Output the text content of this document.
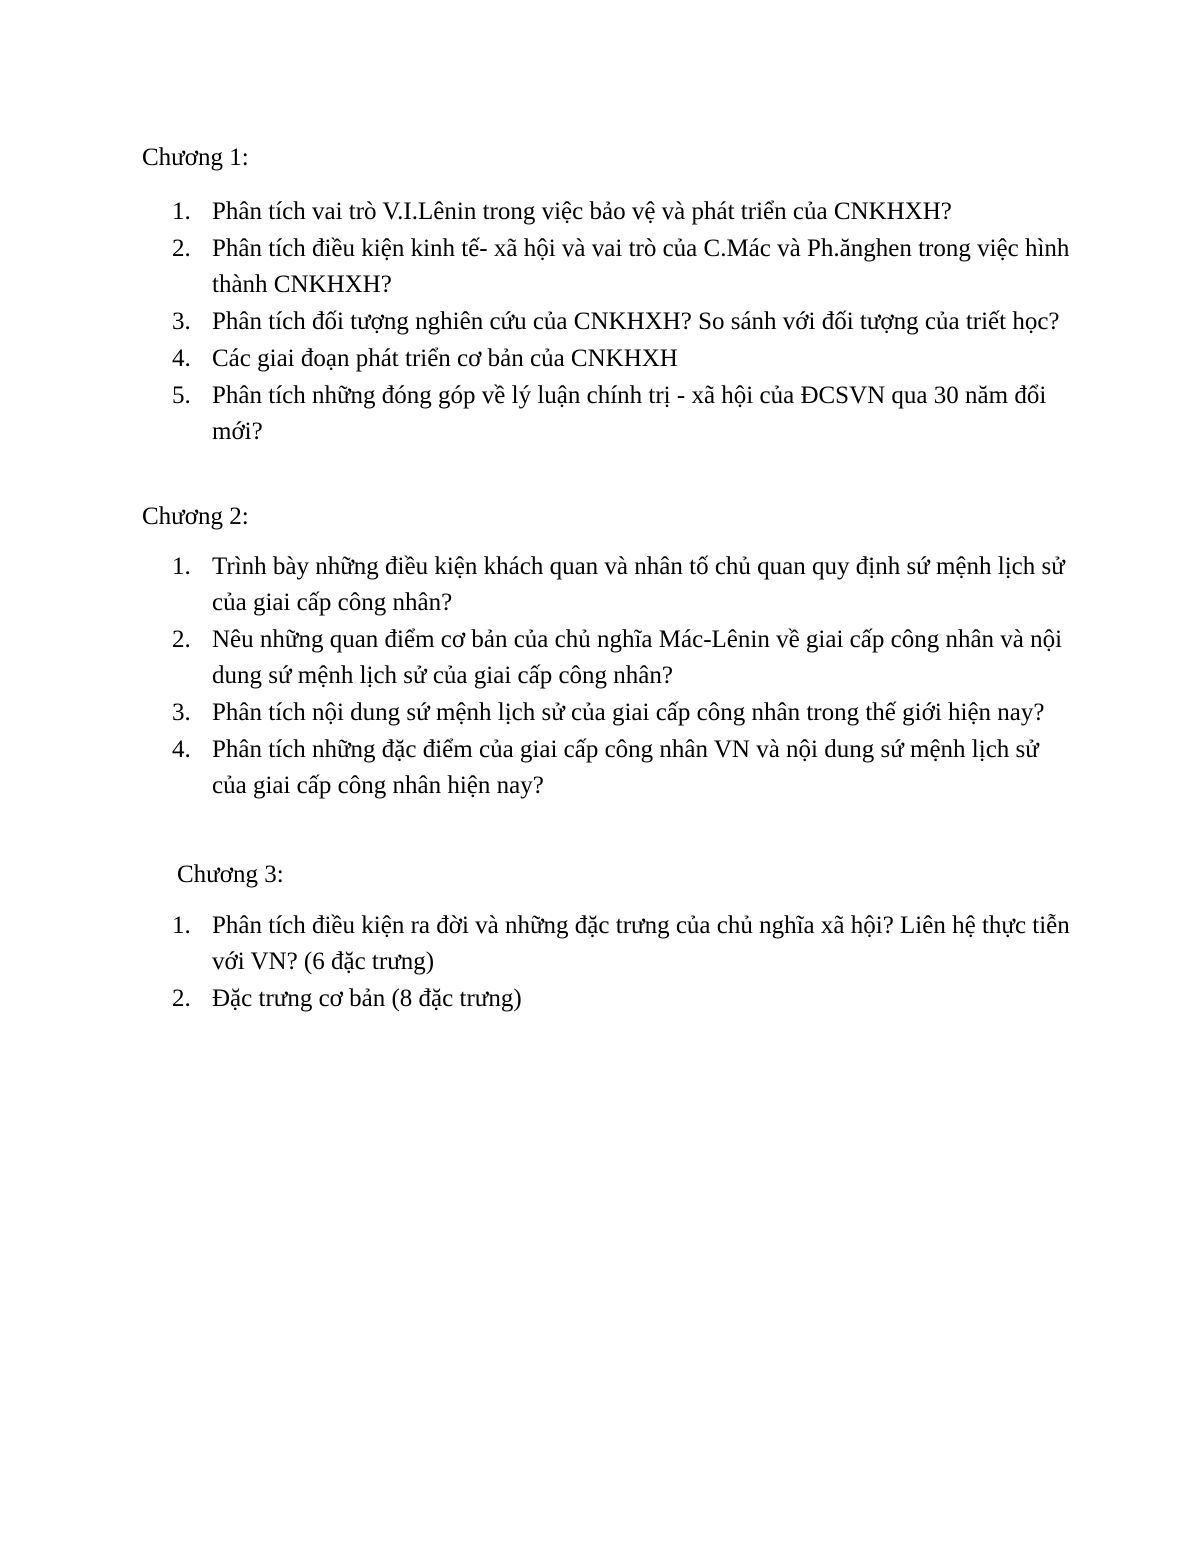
Chương 1:
1. Phân tích vai trò V.I.Lênin trong việc bảo vệ và phát triển của CNKHXH?
2. Phân tích điều kiện kinh tế- xã hội và vai trò của C.Mác và Ph.ănghen trong việc hình thành CNKHXH?
3. Phân tích đối tượng nghiên cứu của CNKHXH? So sánh với đối tượng của triết học?
4. Các giai đoạn phát triển cơ bản của CNKHXH
5. Phân tích những đóng góp về lý luận chính trị - xã hội của ĐCSVN qua 30 năm đổi mới?
Chương 2:
1. Trình bày những điều kiện khách quan và nhân tố chủ quan quy định sứ mệnh lịch sử của giai cấp công nhân?
2. Nêu những quan điểm cơ bản của chủ nghĩa Mác-Lênin về giai cấp công nhân và nội dung sứ mệnh lịch sử của giai cấp công nhân?
3. Phân tích nội dung sứ mệnh lịch sử của giai cấp công nhân trong thế giới hiện nay?
4. Phân tích những đặc điểm của giai cấp công nhân VN và nội dung sứ mệnh lịch sử của giai cấp công nhân hiện nay?
Chương 3:
1. Phân tích điều kiện ra đời và những đặc trưng của chủ nghĩa xã hội? Liên hệ thực tiễn với VN? (6 đặc trưng)
2. Đặc trưng cơ bản (8 đặc trưng)
